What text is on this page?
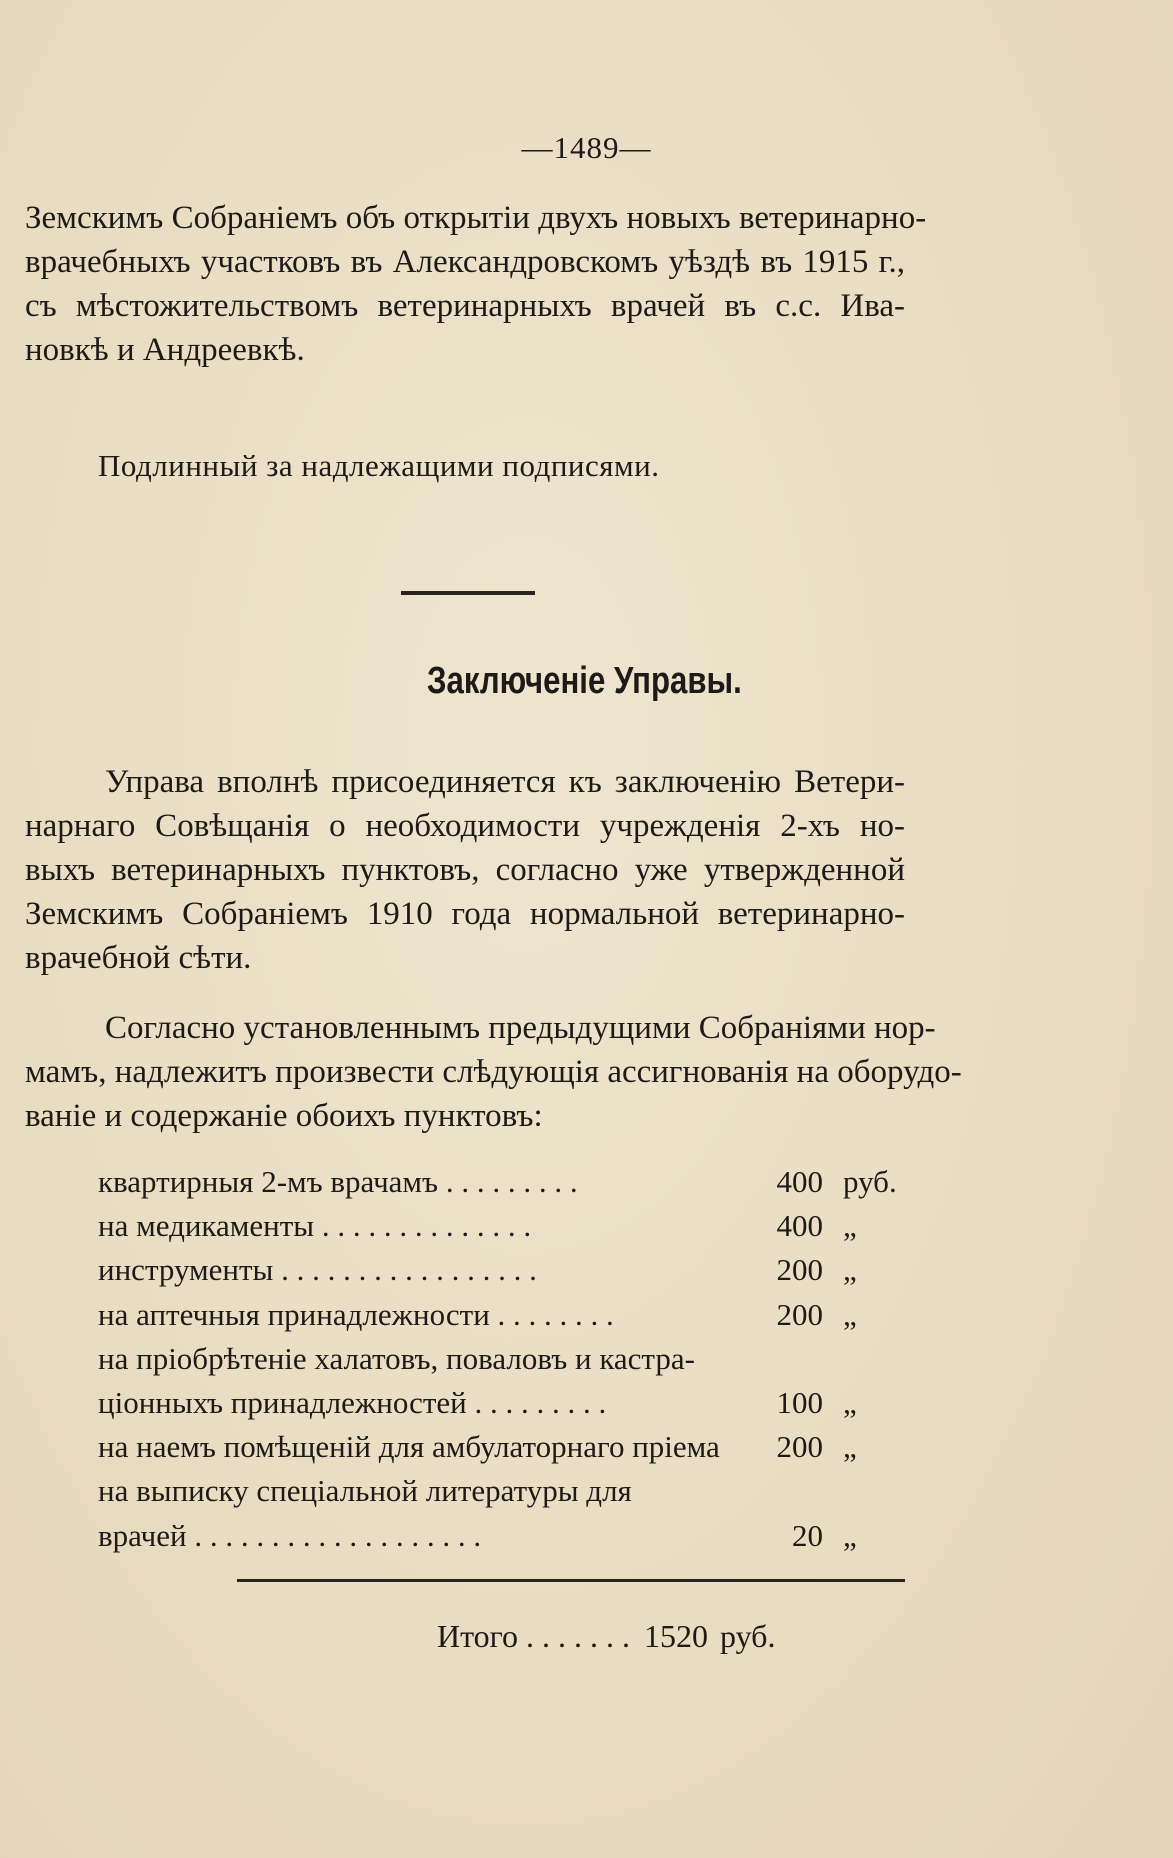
—1489—
Земскимъ Собраніемъ объ открытіи двухъ новыхъ ветеринарно-
врачебныхъ участковъ въ Александровскомъ уѣздѣ въ 1915 г.,
съ мѣстожительствомъ ветеринарныхъ врачей въ с.с. Ива-
новкѣ и Андреевкѣ.
Подлинный за надлежащими подписями.
Заключеніе Управы.
Управа вполнѣ присоединяется къ заключенію Ветери-
нарнаго Совѣщанія о необходимости учрежденія 2-хъ но-
выхъ ветеринарныхъ пунктовъ, согласно уже утвержденной
Земскимъ Собраніемъ 1910 года нормальной ветеринарно-
врачебной сѣти.
Согласно установленнымъ предыдущими Собраніями нор-
мамъ, надлежитъ произвести слѣдующія ассигнованія на оборудо-
ваніе и содержаніе обоихъ пунктовъ:
квартирныя 2-мъ врачамъ . . . . . . . . .	400 руб.
на медикаменты . . . . . . . . . . . . . .	400 „
инструменты . . . . . . . . . . . . . . . . .	200 „
на аптечныя принадлежности . . . . . . . .	200 „
на пріобрѣтеніе халатовъ, поваловъ и кастра-
ціонныхъ принадлежностей . . . . . . . . .	100 „
на наемъ помѣщеній для амбулаторнаго пріема	200 „
на выписку спеціальной литературы для
врачей . . . . . . . . . . . . . . . . . . .	20 „
Итого . . . . . . . 1520 руб.
